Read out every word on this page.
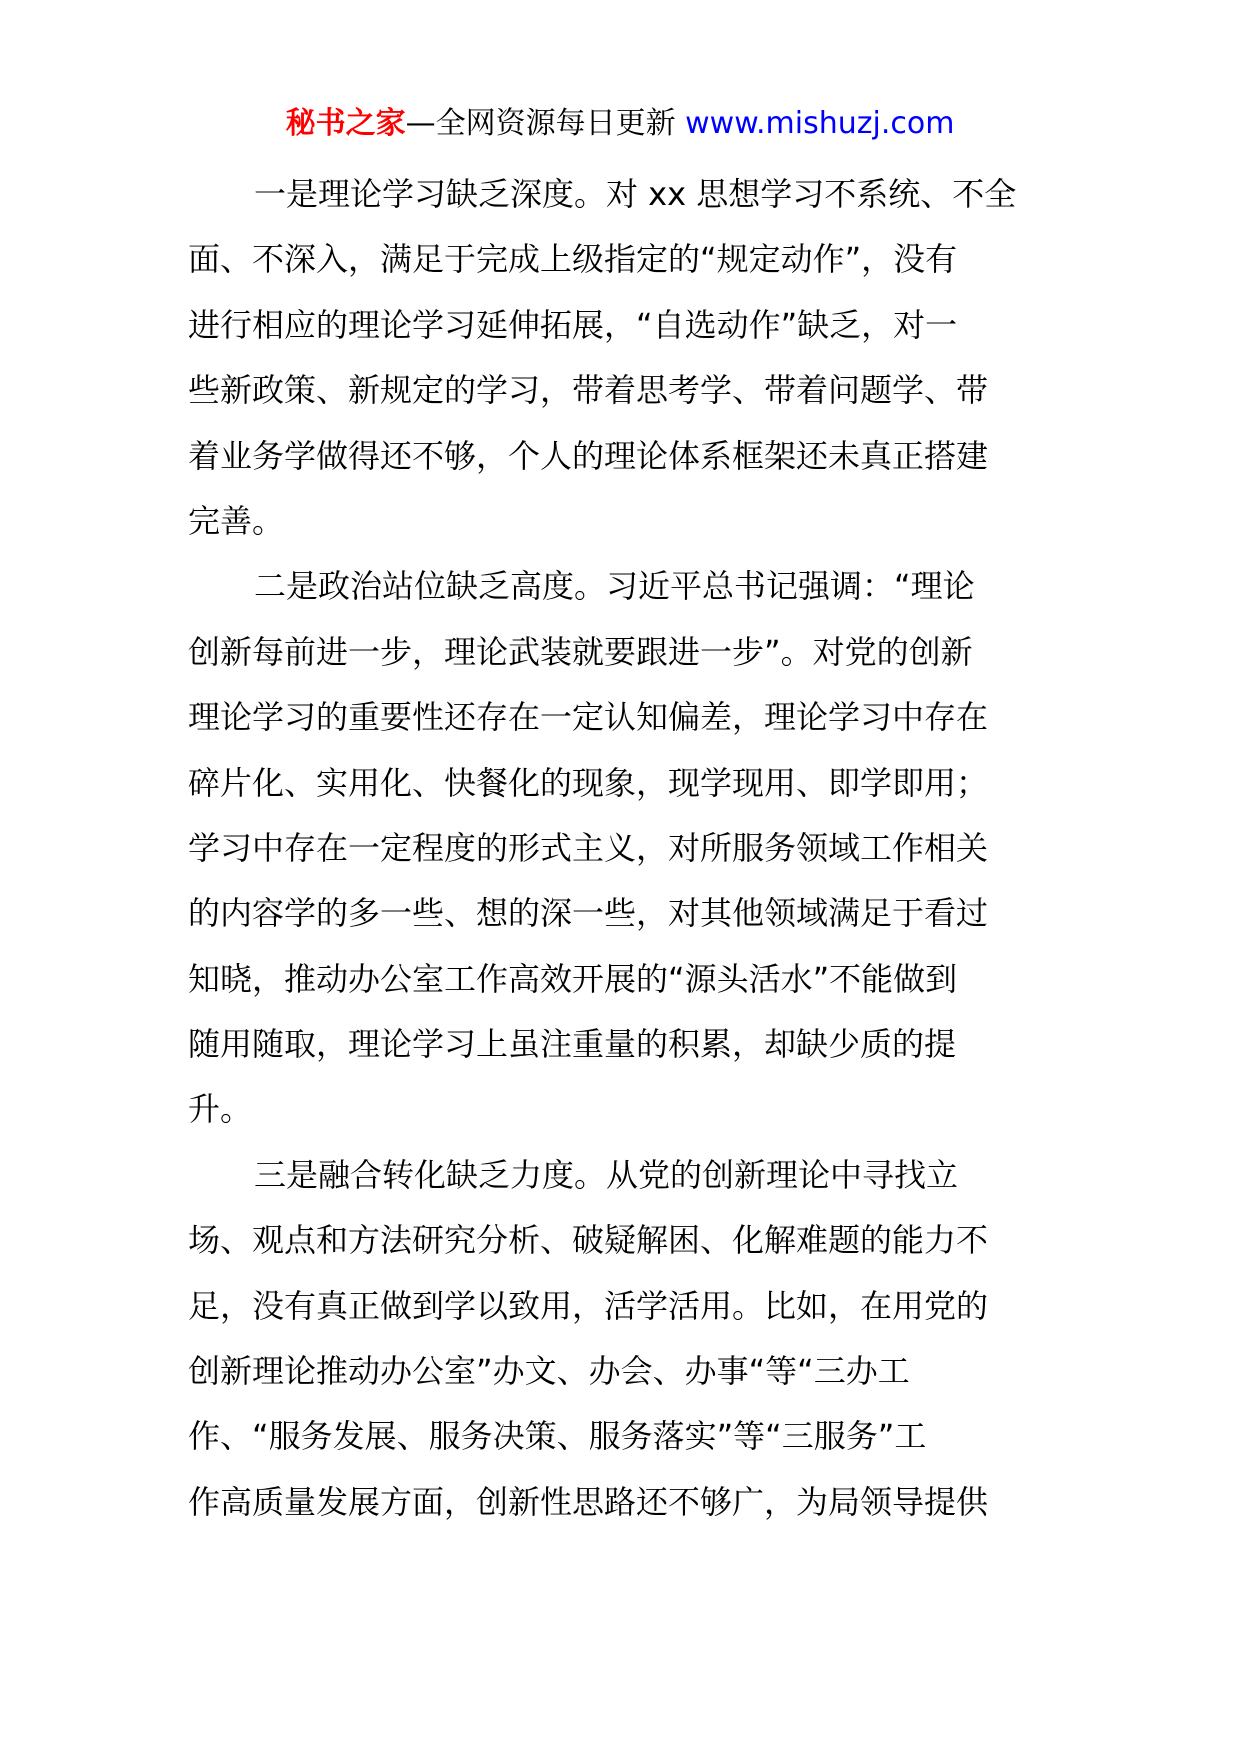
秘书之家—全网资源每日更新 www.mishuzj.com

一是理论学习缺乏深度。对 xx 思想学习不系统、不全
面、不深入，满足于完成上级指定的“规定动作”，没有
进行相应的理论学习延伸拓展，“自选动作”缺乏，对一
些新政策、新规定的学习，带着思考学、带着问题学、带
着业务学做得还不够，个人的理论体系框架还未真正搭建
完善。

二是政治站位缺乏高度。习近平总书记强调：“理论
创新每前进一步，理论武装就要跟进一步”。对党的创新
理论学习的重要性还存在一定认知偏差，理论学习中存在
碎片化、实用化、快餐化的现象，现学现用、即学即用；
学习中存在一定程度的形式主义，对所服务领域工作相关
的内容学的多一些、想的深一些，对其他领域满足于看过
知晓，推动办公室工作高效开展的“源头活水”不能做到
随用随取，理论学习上虽注重量的积累，却缺少质的提
升。

三是融合转化缺乏力度。从党的创新理论中寻找立
场、观点和方法研究分析、破疑解困、化解难题的能力不
足，没有真正做到学以致用，活学活用。比如，在用党的
创新理论推动办公室”办文、办会、办事“等“三办工
作、“服务发展、服务决策、服务落实”等“三服务”工
作高质量发展方面，创新性思路还不够广，为局领导提供
